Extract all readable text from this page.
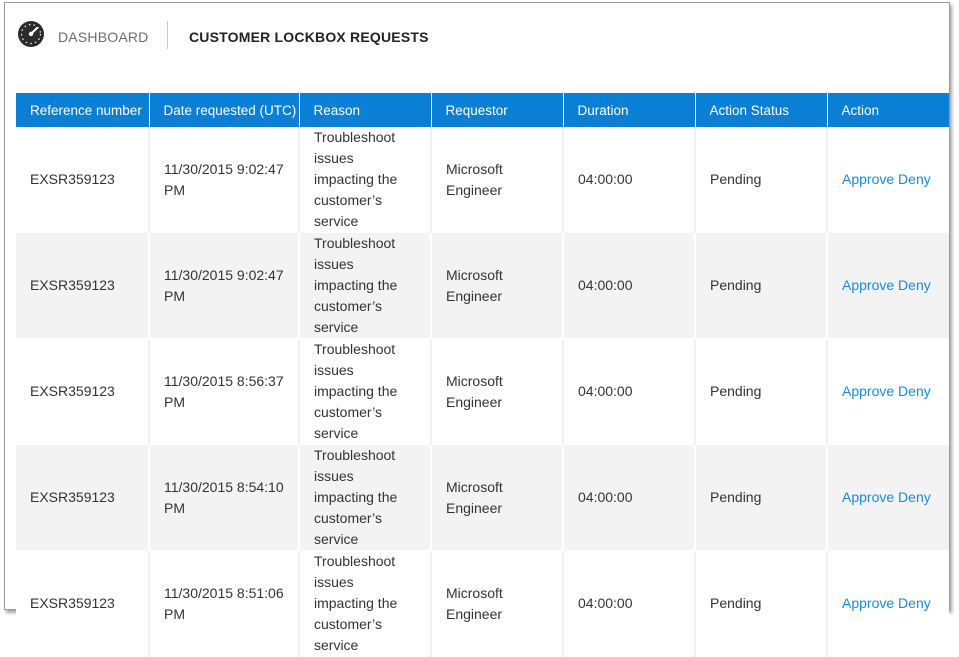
DASHBOARD	CUSTOMER LOCKBOX REQUESTS
Reference number	Date requested (UTC)	Reason	Requestor	Duration	Action Status	Action
EXSR359123	11/30/2015 9:02:47 PM	Troubleshoot issues impacting the customer’s service	Microsoft Engineer	04:00:00	Pending	Approve Deny
EXSR359123	11/30/2015 9:02:47 PM	Troubleshoot issues impacting the customer’s service	Microsoft Engineer	04:00:00	Pending	Approve Deny
EXSR359123	11/30/2015 8:56:37 PM	Troubleshoot issues impacting the customer’s service	Microsoft Engineer	04:00:00	Pending	Approve Deny
EXSR359123	11/30/2015 8:54:10 PM	Troubleshoot issues impacting the customer’s service	Microsoft Engineer	04:00:00	Pending	Approve Deny
EXSR359123	11/30/2015 8:51:06 PM	Troubleshoot issues impacting the customer’s service	Microsoft Engineer	04:00:00	Pending	Approve Deny
